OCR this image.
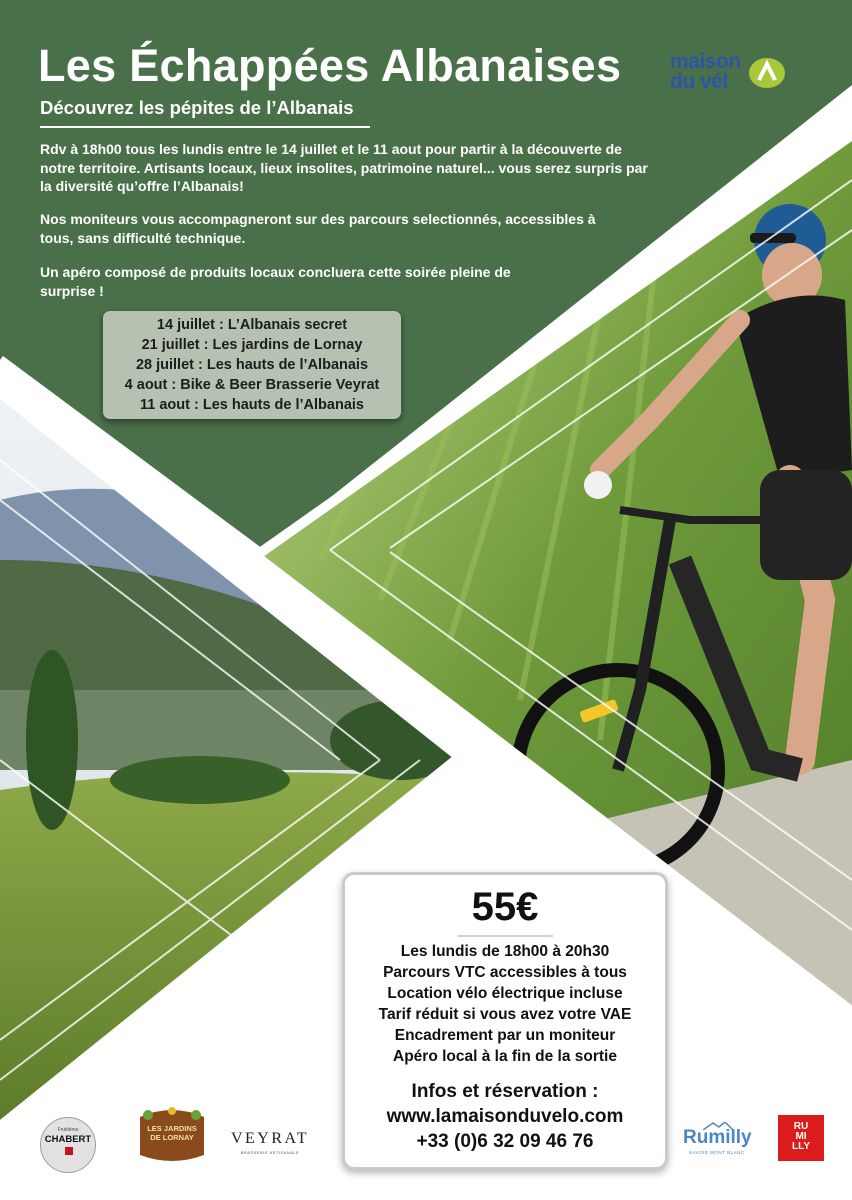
Les Échappées Albanaises
Découvrez les pépites de l’Albanais

Rdv à 18h00 tous les lundis entre le 14 juillet et le 11 aout pour partir à la découverte de notre territoire. Artisants locaux, lieux insolites, patrimoine naturel... vous serez surpris par la diversité qu’offre l’Albanais!

Nos moniteurs vous accompagneront sur des parcours selectionnés, accessibles à tous, sans difficulté technique.

Un apéro composé de produits locaux concluera cette soirée pleine de surprise !

14 juillet : L’Albanais secret
21 juillet : Les jardins de Lornay
28 juillet : Les hauts de l’Albanais
4 aout : Bike & Beer Brasserie Veyrat
11 aout : Les hauts de l’Albanais
maison
du vél
55€
Les lundis de 18h00 à 20h30
Parcours VTC accessibles à tous
Location vélo électrique incluse
Tarif réduit si vous avez votre VAE
Encadrement par un moniteur
Apéro local à la fin de la sortie
Infos et réservation :
www.lamaisonduvelo.com
+33 (0)6 32 09 46 76
Fruitières
CHABERT
LES JARDINS
DE LORNAY	VEYRAT
BRASSERIE ARTISANALE
Rumilly
SAVOIE MONT BLANC
RU
MI
LLY
